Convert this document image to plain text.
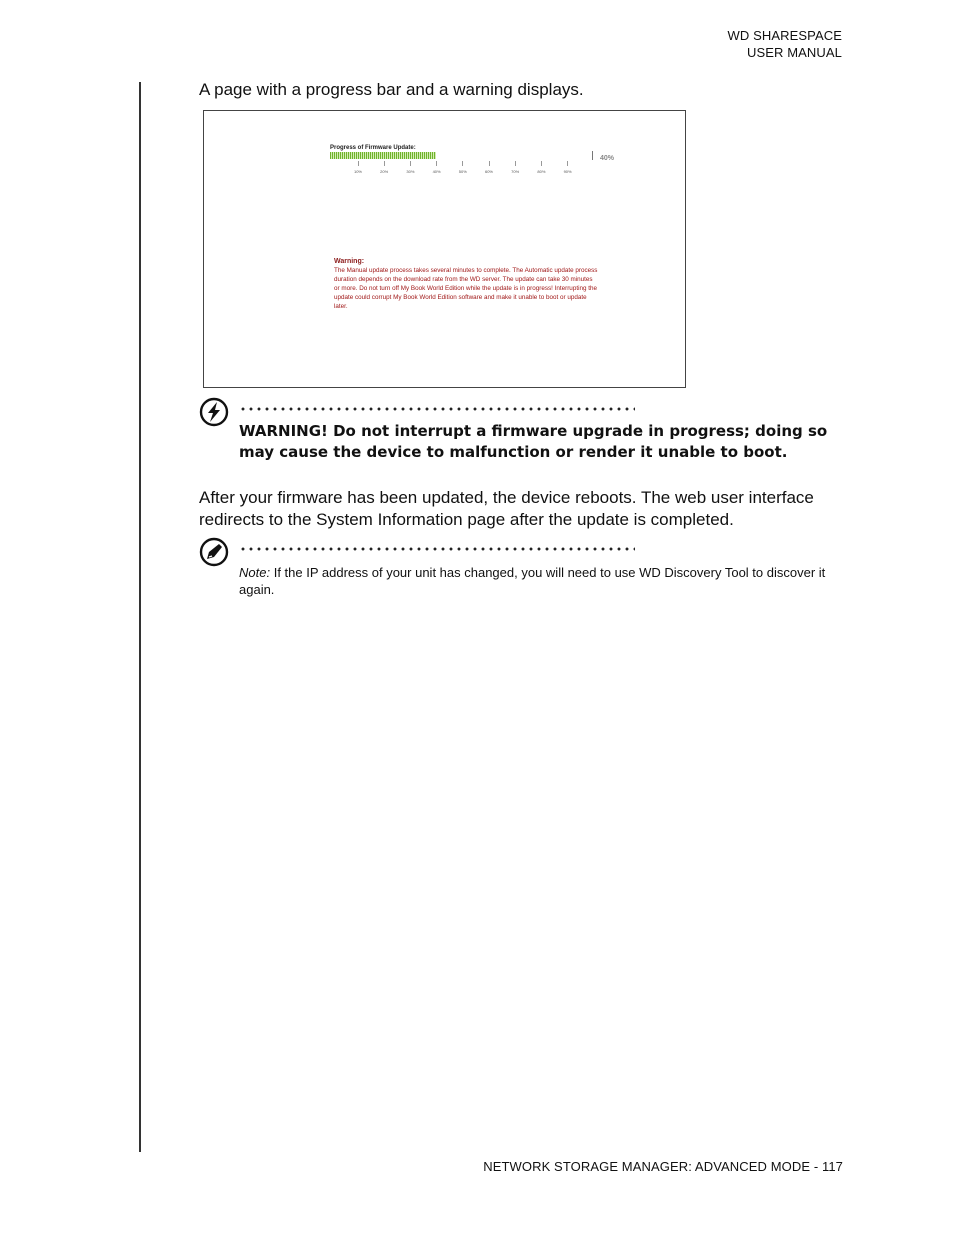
WD SHARESPACE
USER MANUAL
A page with a progress bar and a warning displays.
Progress of Firmware Update:
40%
10%	20%	30%	40%	50%	60%	70%	80%	90%
Warning:
The Manual update process takes several minutes to complete. The Automatic update process duration depends on the download rate from the WD server. The update can take 30 minutes or more. Do not turn off My Book World Edition while the update is in progress! Interrupting the update could corrupt My Book World Edition software and make it unable to boot or update later.
WARNING! Do not interrupt a firmware upgrade in progress; doing so may cause the device to malfunction or render it unable to boot.
After your firmware has been updated, the device reboots. The web user interface redirects to the System Information page after the update is completed.
Note: If the IP address of your unit has changed, you will need to use WD Discovery Tool to discover it again.
NETWORK STORAGE MANAGER: ADVANCED MODE - 117
